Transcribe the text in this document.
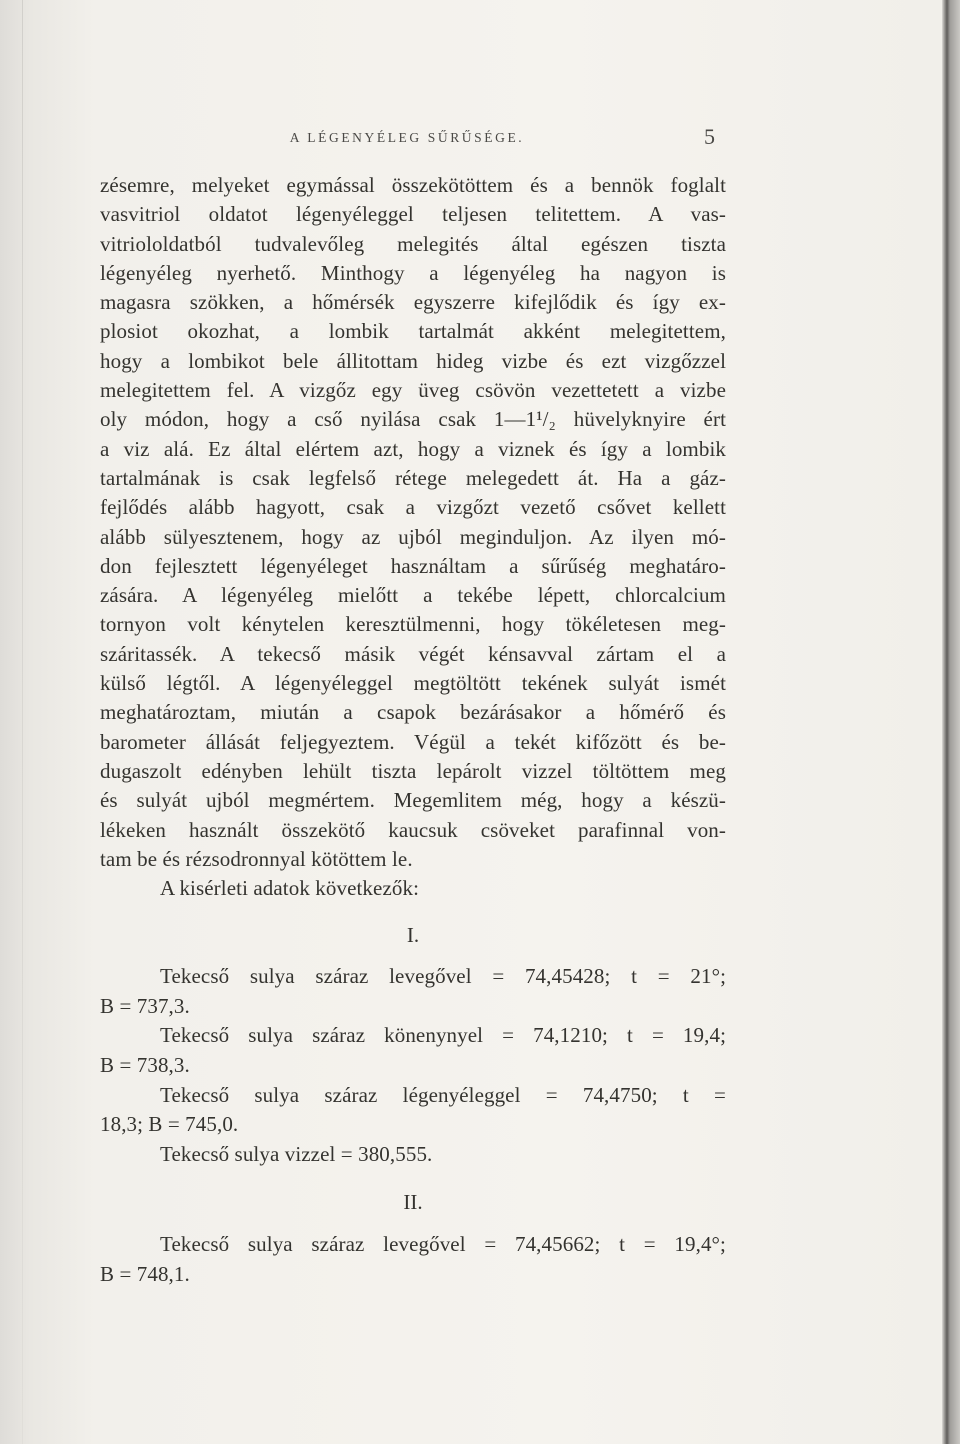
A LÉGENYÉLEG SŰRŰSÉGE.	5
zésemre, melyeket egymással összekötöttem és a bennök foglalt
vasvitriol oldatot légenyéleggel teljesen telitettem. A vas-
vitriololdatból tudvalevőleg melegités által egészen tiszta
légenyéleg nyerhető. Minthogy a légenyéleg ha nagyon is
magasra szökken, a hőmérsék egyszerre kifejlődik és így ex-
plosiot okozhat, a lombik tartalmát akként melegitettem,
hogy a lombikot bele állitottam hideg vizbe és ezt vizgőzzel
melegitettem fel. A vizgőz egy üveg csövön vezettetett a vizbe
oly módon, hogy a cső nyilása csak 1—1¹/₂ hüvelyknyire ért
a viz alá. Ez által elértem azt, hogy a viznek és így a lombik
tartalmának is csak legfelső rétege melegedett át. Ha a gáz-
fejlődés alább hagyott, csak a vizgőzt vezető csővet kellett
alább sülyesztenem, hogy az ujból meginduljon. Az ilyen mó-
don fejlesztett légenyéleget használtam a sűrűség meghatáro-
zására. A légenyéleg mielőtt a tekébe lépett, chlorcalcium
tornyon volt kénytelen keresztülmenni, hogy tökéletesen meg-
száritassék. A tekecső másik végét kénsavval zártam el a
külső légtől. A légenyéleggel megtöltött tekének sulyát ismét
meghatároztam, miután a csapok bezárásakor a hőmérő és
barometer állását feljegyeztem. Végül a tekét kifőzött és be-
dugaszolt edényben lehült tiszta lepárolt vizzel töltöttem meg
és sulyát ujból megmértem. Megemlitem még, hogy a készü-
lékeken használt összekötő kaucsuk csöveket parafinnal von-
tam be és rézsodronnyal kötöttem le.
A kisérleti adatok következők:
I.
Tekecső sulya száraz levegővel = 74,45428; t = 21°;
B = 737,3.
Tekecső sulya száraz könenynyel = 74,1210; t = 19,4;
B = 738,3.
Tekecső sulya száraz légenyéleggel = 74,4750; t =
18,3; B = 745,0.
Tekecső sulya vizzel = 380,555.
II.
Tekecső sulya száraz levegővel = 74,45662; t = 19,4°;
B = 748,1.
